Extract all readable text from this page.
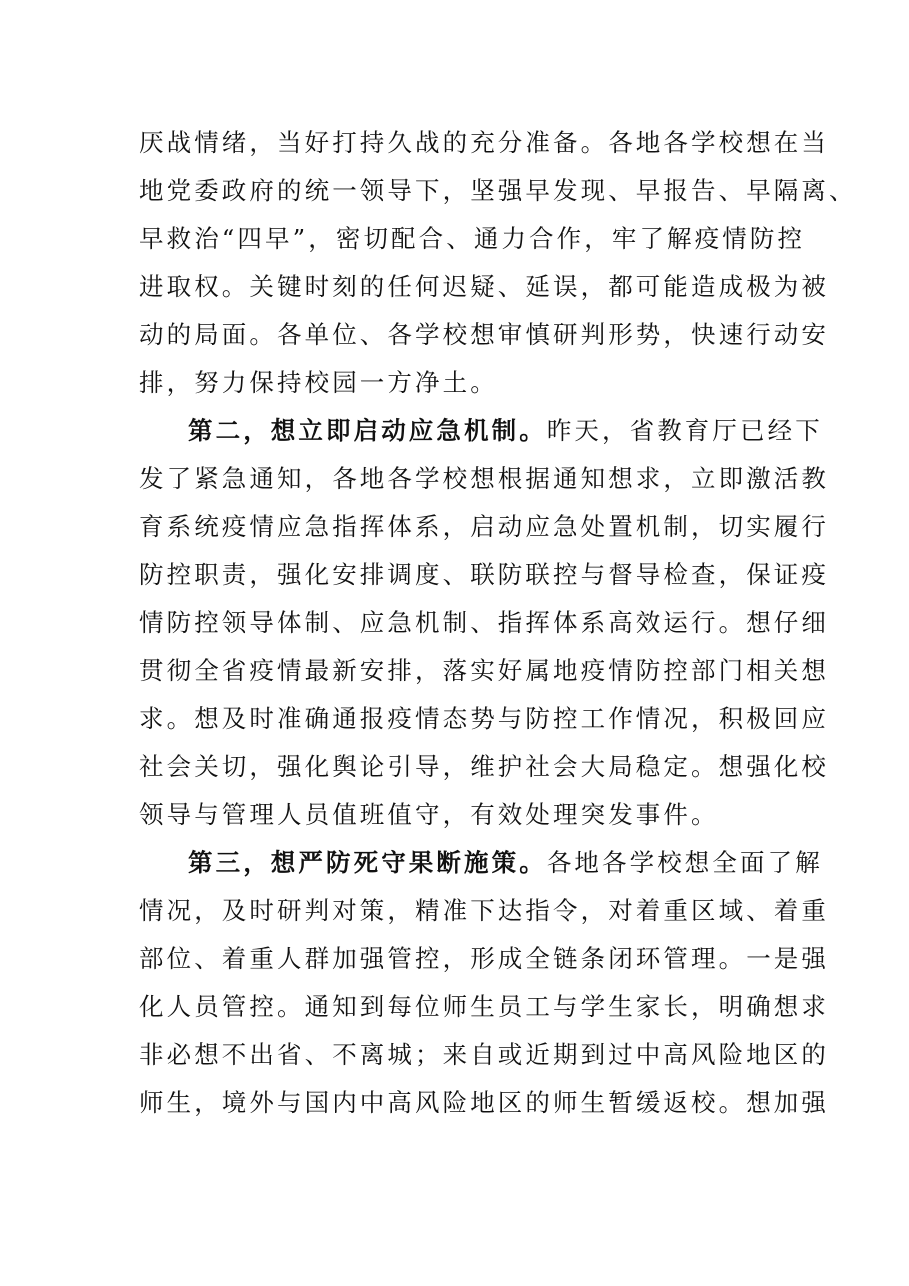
厌战情绪，当好打持久战的充分准备。各地各学校想在当
地党委政府的统一领导下，坚强早发现、早报告、早隔离、
早救治“四早”，密切配合、通力合作，牢了解疫情防控
进取权。关键时刻的任何迟疑、延误，都可能造成极为被
动的局面。各单位、各学校想审慎研判形势，快速行动安
排，努力保持校园一方净土。
第二，想立即启动应急机制。昨天，省教育厅已经下
发了紧急通知，各地各学校想根据通知想求，立即激活教
育系统疫情应急指挥体系，启动应急处置机制，切实履行
防控职责，强化安排调度、联防联控与督导检查，保证疫
情防控领导体制、应急机制、指挥体系高效运行。想仔细
贯彻全省疫情最新安排，落实好属地疫情防控部门相关想
求。想及时准确通报疫情态势与防控工作情况，积极回应
社会关切，强化舆论引导，维护社会大局稳定。想强化校
领导与管理人员值班值守，有效处理突发事件。
第三，想严防死守果断施策。各地各学校想全面了解
情况，及时研判对策，精准下达指令，对着重区域、着重
部位、着重人群加强管控，形成全链条闭环管理。一是强
化人员管控。通知到每位师生员工与学生家长，明确想求
非必想不出省、不离城；来自或近期到过中高风险地区的
师生，境外与国内中高风险地区的师生暂缓返校。想加强
